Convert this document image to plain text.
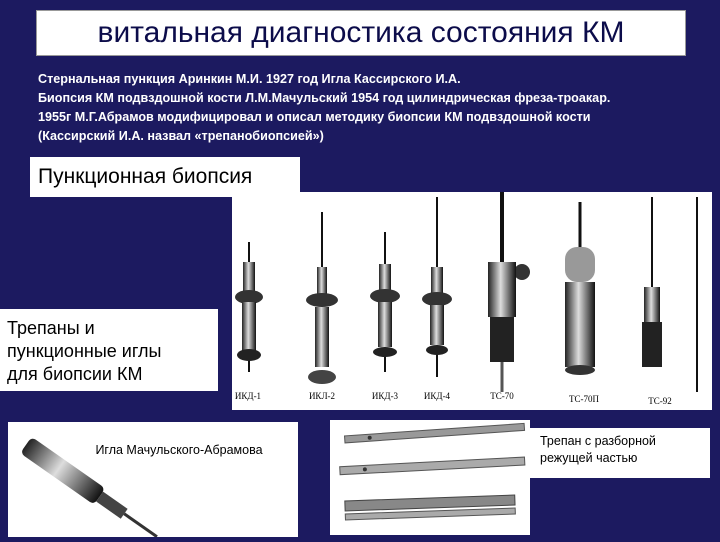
витальная диагностика состояния КМ
Стернальная пункция Аринкин М.И. 1927 год Игла Кассирского И.А.
Биопсия КМ подвздошной кости Л.М.Мачульский 1954 год цилиндрическая фреза-троакар.
1955г М.Г.Абрамов модифицировал и описал методику биопсии КМ подвздошной кости
(Кассирский И.А. назвал «трепанобиопсией»)
ИКД-1	ИКЛ-2	ИКД-3	ИКД-4	ТС-70	ТС-70П	ТС-92
Пункционная биопсия
Трепаны и
пункционные иглы
для биопсии КМ
Игла Мачульского-Абрамова
Трепан с разборной
режущей частью
